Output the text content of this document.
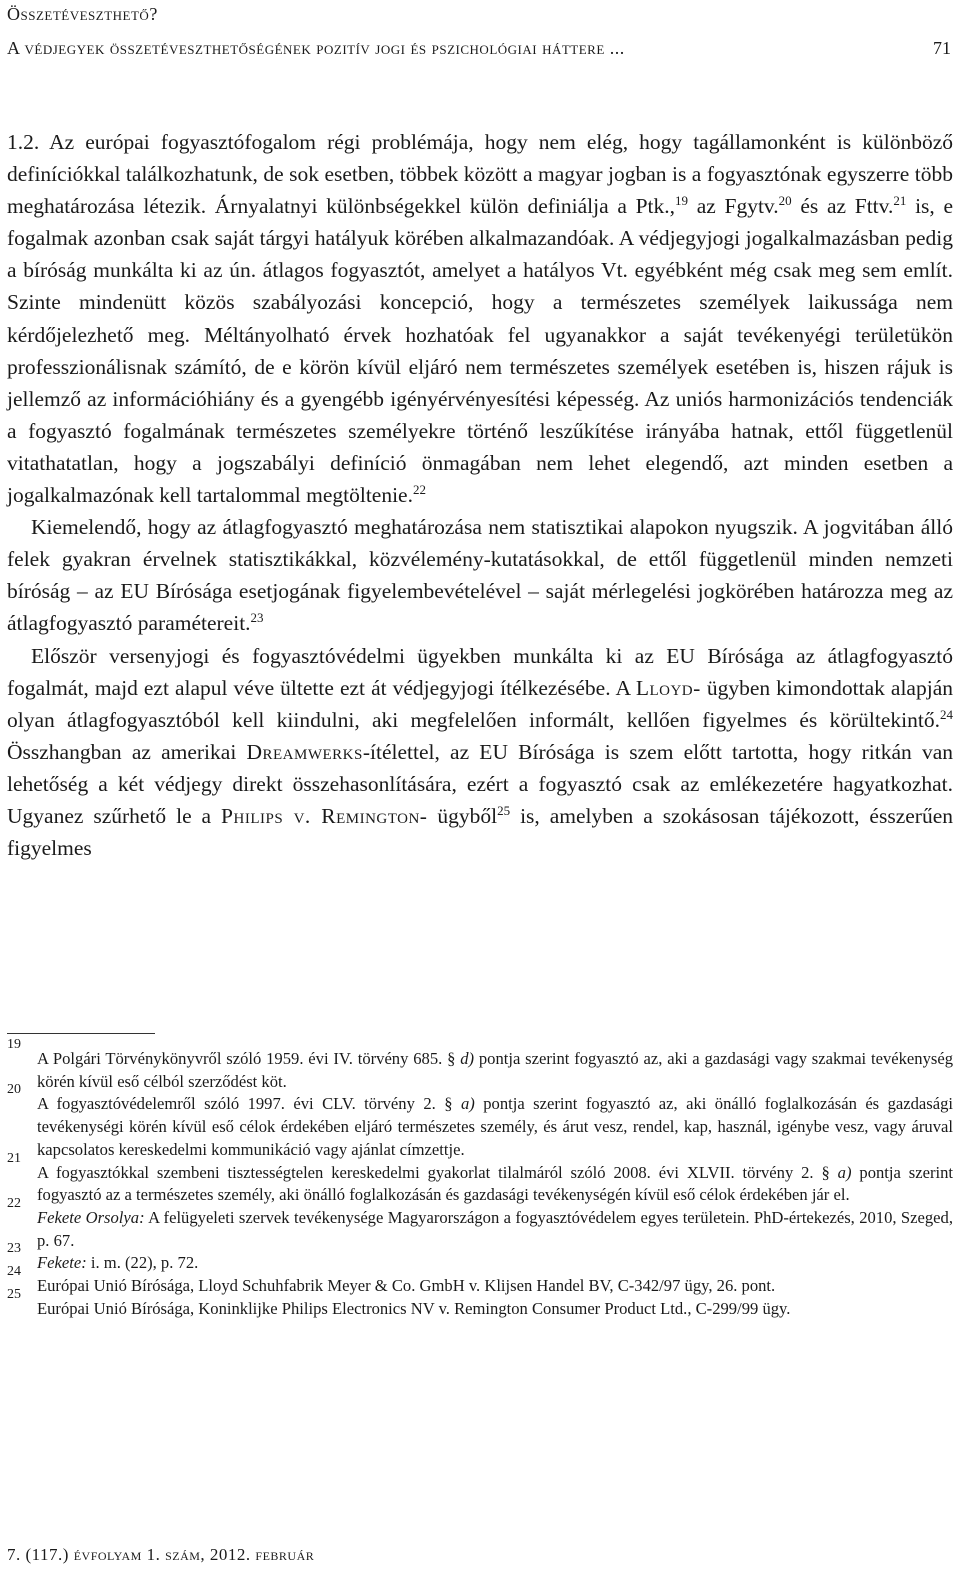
Összetéveszthető?
A védjegyek összetéveszthetőségének pozitív jogi és pszichológiai háttere ...	71

1.2. Az európai fogyasztófogalom régi problémája, hogy nem elég, hogy tagállamonként is különböző definíciókkal találkozhatunk, de sok esetben, többek között a magyar jogban is a fogyasztónak egyszerre több meghatározása létezik. Árnyalatnyi különbségekkel külön definiálja a Ptk.,$^{19}$ az Fgytv.$^{20}$ és az Fttv.$^{21}$ is, e fogalmak azonban csak saját tárgyi hatályuk körében alkalmazandóak. A védjegyjogi jogalkalmazásban pedig a bíróság munkálta ki az ún. átlagos fogyasztót, amelyet a hatályos Vt. egyébként még csak meg sem említ. Szinte mindenütt közös szabályozási koncepció, hogy a természetes személyek laikussága nem kérdőjelezhető meg. Méltányolható érvek hozhatóak fel ugyanakkor a saját tevékenyégi területükön professzionálisnak számító, de e körön kívül eljáró nem természetes személyek esetében is, hiszen rájuk is jellemző az információhiány és a gyengébb igényérvényesítési képesség. Az uniós harmonizációs tendenciák a fogyasztó fogalmának természetes személyekre történő leszűkítése irányába hatnak, ettől függetlenül vitathatatlan, hogy a jogszabályi definíció önmagában nem lehet elegendő, azt minden esetben a jogalkalmazónak kell tartalommal megtöltenie.$^{22}$

Kiemelendő, hogy az átlagfogyasztó meghatározása nem statisztikai alapokon nyugszik. A jogvitában álló felek gyakran érvelnek statisztikákkal, közvélemény-kutatásokkal, de ettől függetlenül minden nemzeti bíróság – az EU Bírósága esetjogának figyelembevételével – saját mérlegelési jogkörében határozza meg az átlagfogyasztó paramétereit.$^{23}$

Először versenyjogi és fogyasztóvédelmi ügyekben munkálta ki az EU Bírósága az átlagfogyasztó fogalmát, majd ezt alapul véve ültette ezt át védjegyjogi ítélkezésébe. A Lloyd- ügyben kimondottak alapján olyan átlagfogyasztóból kell kiindulni, aki megfelelően informált, kellően figyelmes és körültekintő.$^{24}$ Összhangban az amerikai Dreamwerks-ítélettel, az EU Bírósága is szem előtt tartotta, hogy ritkán van lehetőség a két védjegy direkt összehasonlítására, ezért a fogyasztó csak az emlékezetére hagyatkozhat. Ugyanez szűrhető le a Philips v. Remington- ügyből$^{25}$ is, amelyben a szokásosan tájékozott, ésszerűen figyelmes

19
A Polgári Törvénykönyvről szóló 1959. évi IV. törvény 685. § d) pontja szerint fogyasztó az, aki a gazdasági vagy szakmai tevékenység körén kívül eső célból szerződést köt.
20
A fogyasztóvédelemről szóló 1997. évi CLV. törvény 2. § a) pontja szerint fogyasztó az, aki önálló foglalkozásán és gazdasági tevékenységi körén kívül eső célok érdekében eljáró természetes személy, és árut vesz, rendel, kap, használ, igénybe vesz, vagy áruval kapcsolatos kereskedelmi kommunikáció vagy ajánlat címzettje.
21
A fogyasztókkal szembeni tisztességtelen kereskedelmi gyakorlat tilalmáról szóló 2008. évi XLVII. törvény 2. § a) pontja szerint fogyasztó az a természetes személy, aki önálló foglalkozásán és gazdasági tevékenységén kívül eső célok érdekében jár el.
22
Fekete Orsolya: A felügyeleti szervek tevékenysége Magyarországon a fogyasztóvédelem egyes területein. PhD-értekezés, 2010, Szeged, p. 67.
23
Fekete: i. m. (22), p. 72.
24
Európai Unió Bírósága, Lloyd Schuhfabrik Meyer & Co. GmbH v. Klijsen Handel BV, C-342/97 ügy, 26. pont.
25
Európai Unió Bírósága, Koninklijke Philips Electronics NV v. Remington Consumer Product Ltd., C-299/99 ügy.
7. (117.) évfolyam 1. szám, 2012. február
